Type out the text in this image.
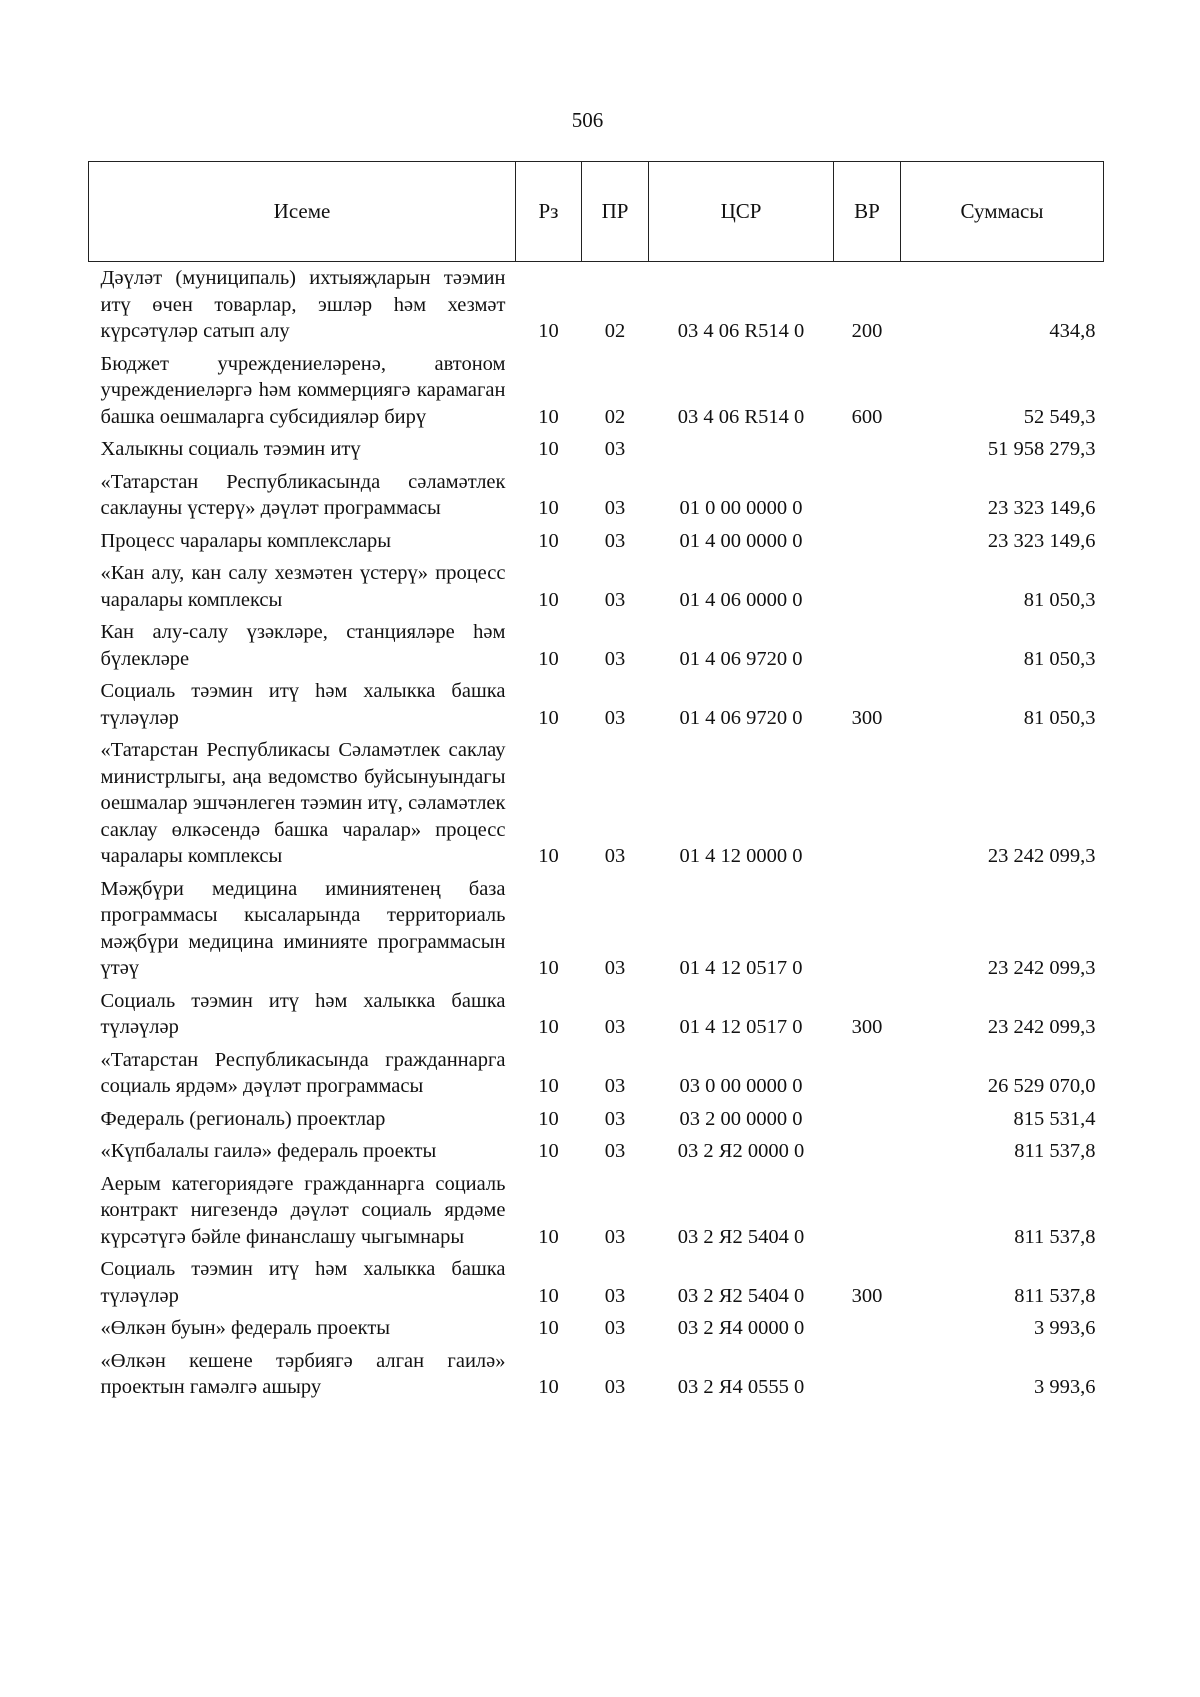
506
Исеме	Рз	ПР	ЦСР	ВР	Суммасы
Дәүләт (муниципаль) ихтыяҗларын тәэмин итү өчен товарлар, эшләр һәм хезмәт күрсәтүләр сатып алу	10	02	03 4 06 R514 0	200	434,8
Бюджет учреждениеләренә, автоном учреждениеләргә һәм коммерциягә карамаган башка оешмаларга субсидияләр бирү	10	02	03 4 06 R514 0	600	52 549,3
Халыкны социаль тәэмин итү	10	03			51 958 279,3
«Татарстан Республикасында сәламәтлек саклауны үстерү» дәүләт программасы	10	03	01 0 00 0000 0		23 323 149,6
Процесс чаралары комплекслары	10	03	01 4 00 0000 0		23 323 149,6
«Кан алу, кан салу хезмәтен үстерү» процесс чаралары комплексы	10	03	01 4 06 0000 0		81 050,3
Кан алу-салу үзәкләре, станцияләре һәм бүлекләре	10	03	01 4 06 9720 0		81 050,3
Социаль тәэмин итү һәм халыкка башка түләүләр	10	03	01 4 06 9720 0	300	81 050,3
«Татарстан Республикасы Сәламәтлек саклау министрлыгы, аңа ведомство буйсынуындагы оешмалар эшчәнлеген тәэмин итү, сәламәтлек саклау өлкәсендә башка чаралар» процесс чаралары комплексы	10	03	01 4 12 0000 0		23 242 099,3
Мәҗбүри медицина иминиятенең база программасы кысаларында территориаль мәҗбүри медицина иминияте программасын үтәү	10	03	01 4 12 0517 0		23 242 099,3
Социаль тәэмин итү һәм халыкка башка түләүләр	10	03	01 4 12 0517 0	300	23 242 099,3
«Татарстан Республикасында гражданнарга социаль ярдәм» дәүләт программасы	10	03	03 0 00 0000 0		26 529 070,0
Федераль (региональ) проектлар	10	03	03 2 00 0000 0		815 531,4
«Күпбалалы гаилә» федераль проекты	10	03	03 2 Я2 0000 0		811 537,8
Аерым категориядәге гражданнарга социаль контракт нигезендә дәүләт социаль ярдәме күрсәтүгә бәйле финанслашу чыгымнары	10	03	03 2 Я2 5404 0		811 537,8
Социаль тәэмин итү һәм халыкка башка түләүләр	10	03	03 2 Я2 5404 0	300	811 537,8
«Өлкән буын» федераль проекты	10	03	03 2 Я4 0000 0		3 993,6
«Өлкән кешене тәрбиягә алган гаилә» проектын гамәлгә ашыру	10	03	03 2 Я4 0555 0		3 993,6
